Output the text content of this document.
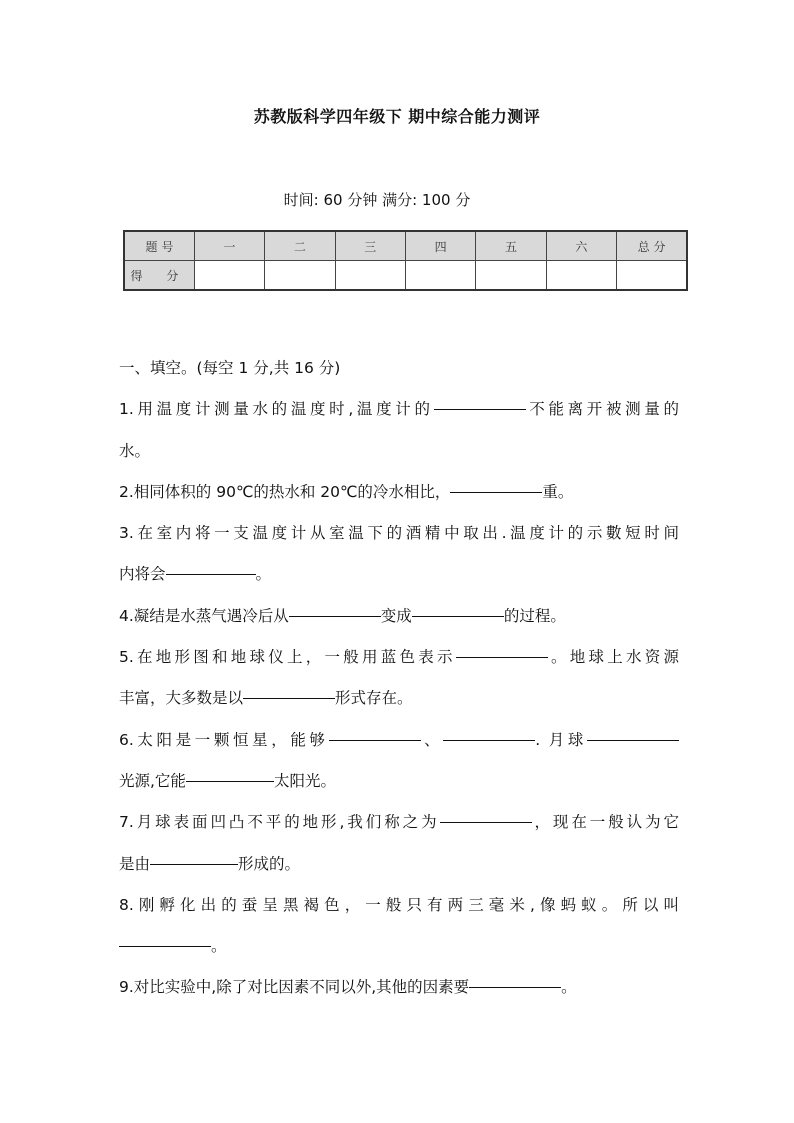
苏教版科学四年级下 期中综合能力测评
时间: 60 分钟 满分: 100 分
题 号	一	二	三	四	五	六	总 分
得 分							

一、填空。(每空 1 分,共 16 分)

1.用温度计测量水的温度时,温度计的	不能离开被测量的

水。

2.相同体积的 90℃的热水和 20℃的冷水相比，	重。

3.在室内将一支温度计从室温下的酒精中取出.温度计的示數短时间

内将会	。

4.凝结是水蒸气遇冷后从	变成	的过程。

5.在地形图和地球仪上，一般用蓝色表示	。地球上水资源

丰富，大多数是以	形式存在。

6.太阳是一颗恒星，能够	、	. 月球

光源,它能	太阳光。

7.月球表面凹凸不平的地形,我们称之为	，现在一般认为它

是由	形成的。

8.刚孵化出的蚕呈黑褐色，一般只有两三毫米,像蚂蚁。所以叫

。

9.对比实验中,除了对比因素不同以外,其他的因素要	。
